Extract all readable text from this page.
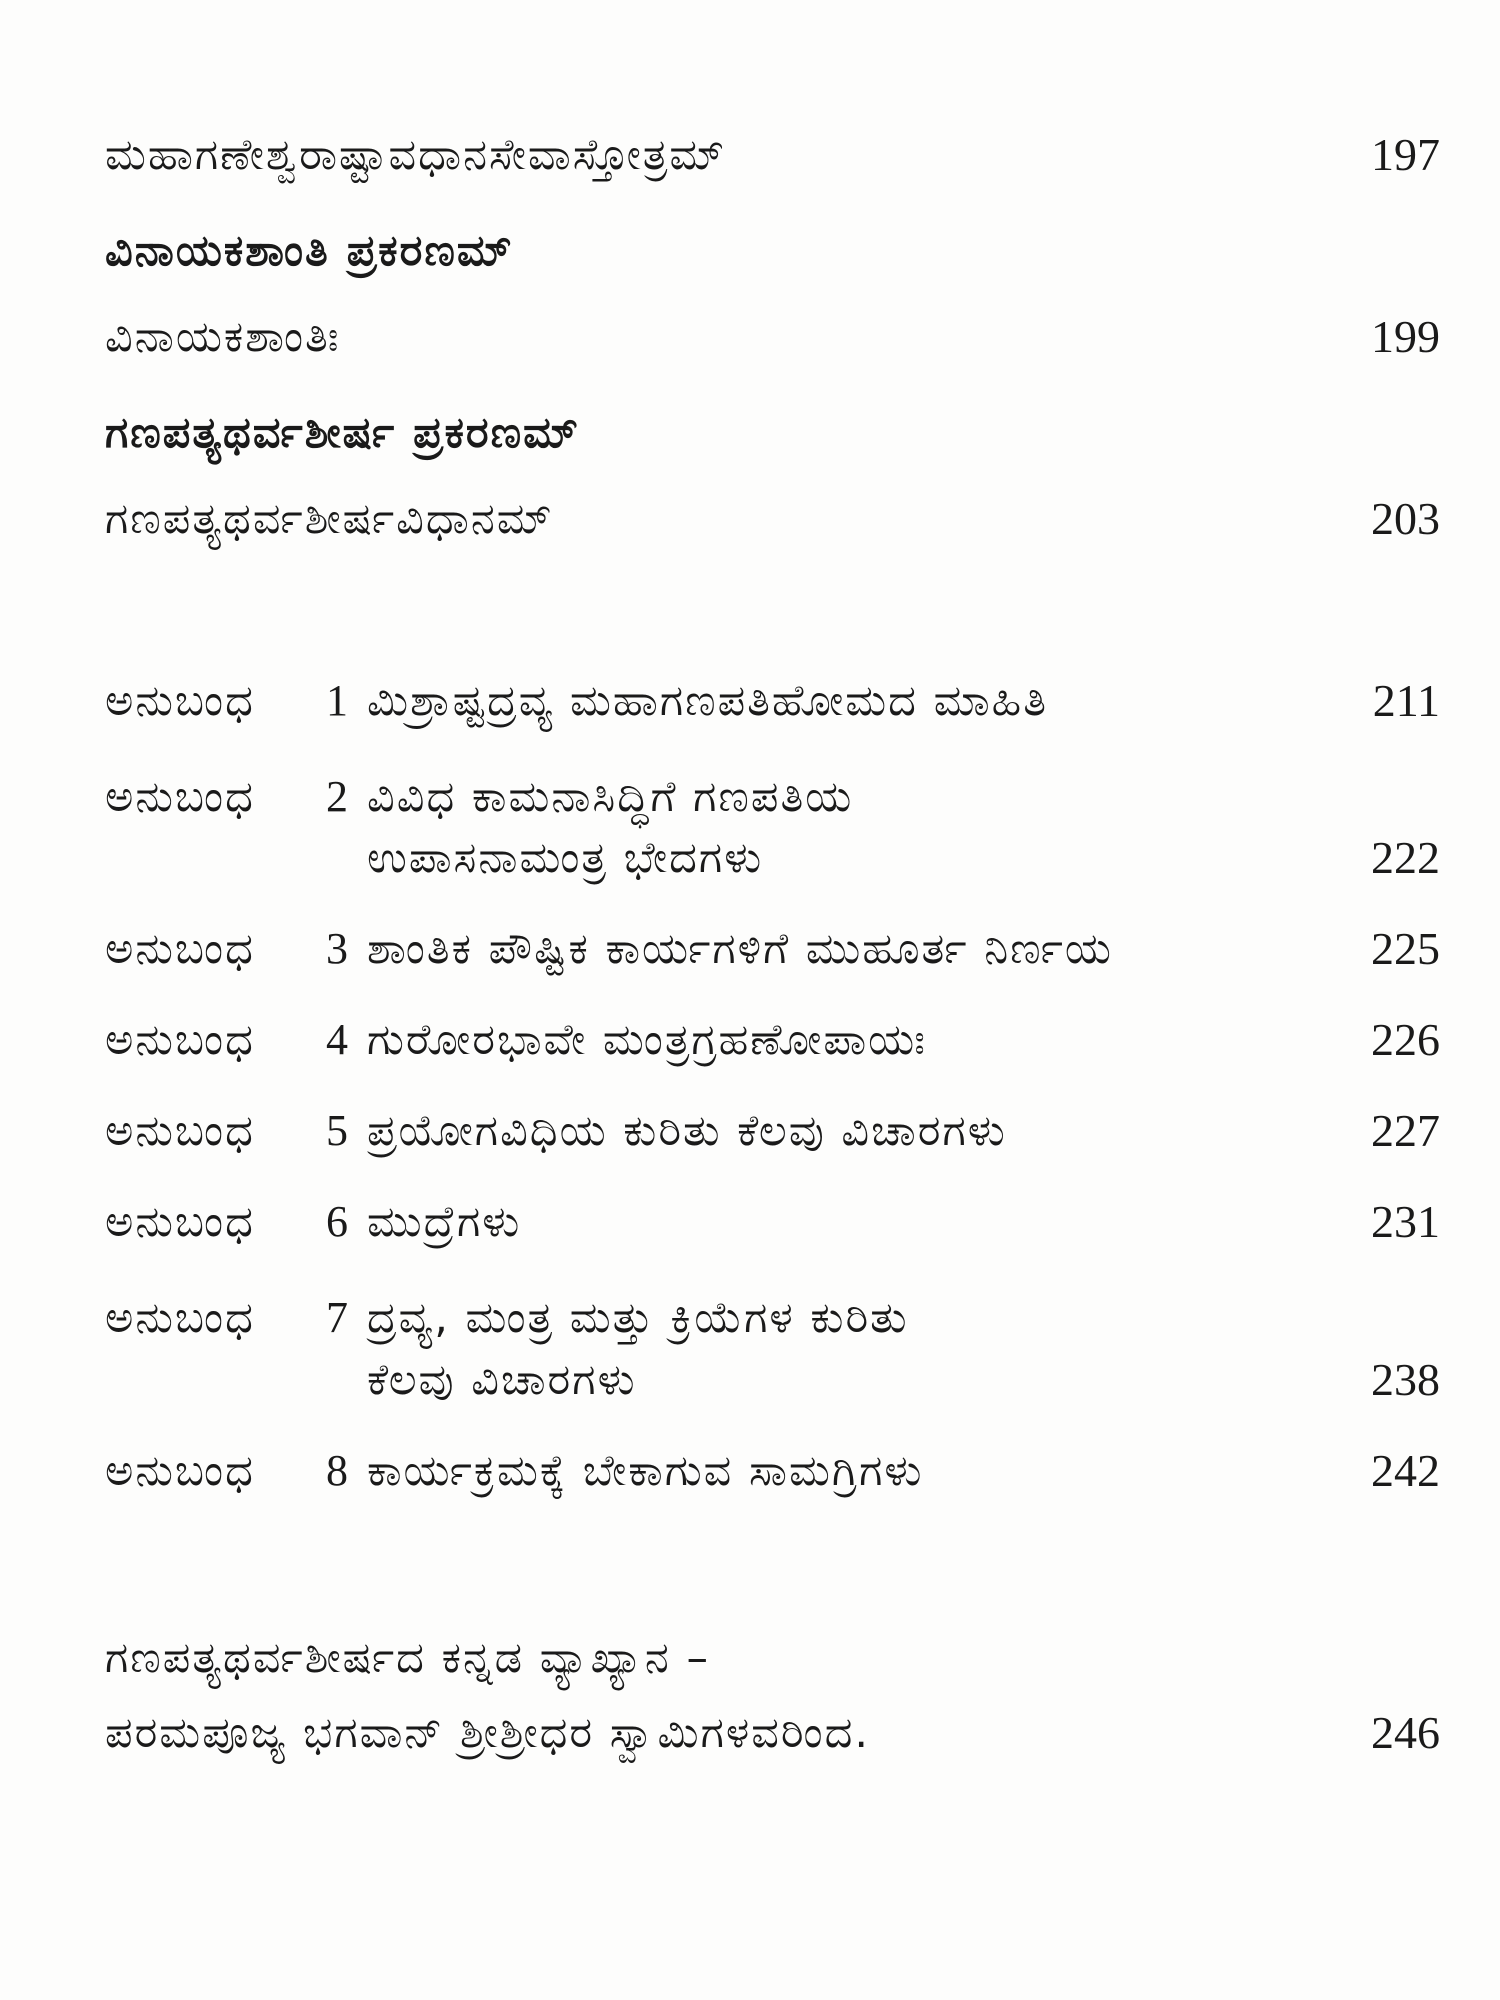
ಮಹಾಗಣೇಶ್ವರಾಷ್ಟಾವಧಾನಸೇವಾಸ್ತೋತ್ರಮ್	197
ವಿನಾಯಕಶಾಂತಿ ಪ್ರಕರಣಮ್
ವಿನಾಯಕಶಾಂತಿಃ	199
ಗಣಪತ್ಯಥರ್ವಶೀರ್ಷ ಪ್ರಕರಣಮ್
ಗಣಪತ್ಯಥರ್ವಶೀರ್ಷವಿಧಾನಮ್	203
ಅನುಬಂಧ	1 ಮಿಶ್ರಾಷ್ಟದ್ರವ್ಯ ಮಹಾಗಣಪತಿಹೋಮದ ಮಾಹಿತಿ	211
ಅನುಬಂಧ	2 ವಿವಿಧ ಕಾಮನಾಸಿದ್ಧಿಗೆ ಗಣಪತಿಯ
ಉಪಾಸನಾಮಂತ್ರ ಭೇದಗಳು	222
ಅನುಬಂಧ	3 ಶಾಂತಿಕ ಪೌಷ್ಟಿಕ ಕಾರ್ಯಗಳಿಗೆ ಮುಹೂರ್ತ ನಿರ್ಣಯ	225
ಅನುಬಂಧ	4 ಗುರೋರಭಾವೇ ಮಂತ್ರಗ್ರಹಣೋಪಾಯಃ	226
ಅನುಬಂಧ	5 ಪ್ರಯೋಗವಿಧಿಯ ಕುರಿತು ಕೆಲವು ವಿಚಾರಗಳು	227
ಅನುಬಂಧ	6 ಮುದ್ರೆಗಳು	231
ಅನುಬಂಧ	7 ದ್ರವ್ಯ, ಮಂತ್ರ ಮತ್ತು ಕ್ರಿಯೆಗಳ ಕುರಿತು
ಕೆಲವು ವಿಚಾರಗಳು	238
ಅನುಬಂಧ	8 ಕಾರ್ಯಕ್ರಮಕ್ಕೆ ಬೇಕಾಗುವ ಸಾಮಗ್ರಿಗಳು	242
ಗಣಪತ್ಯಥರ್ವಶೀರ್ಷದ ಕನ್ನಡ ವ್ಯಾಖ್ಯಾನ –
ಪರಮಪೂಜ್ಯ ಭಗವಾನ್ ಶ್ರೀಶ್ರೀಧರ ಸ್ವಾಮಿಗಳವರಿಂದ.	246
